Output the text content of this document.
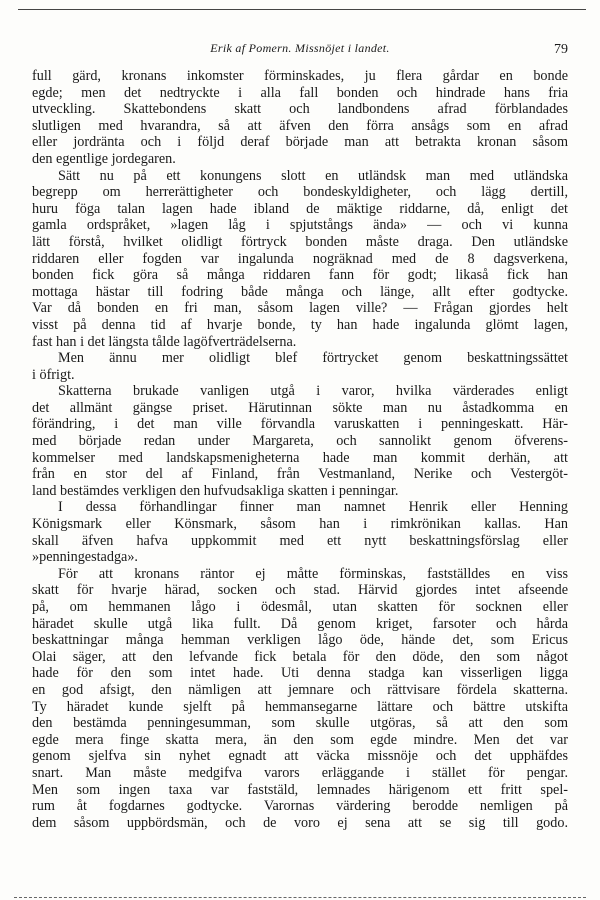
Erik af Pomern. Missnöjet i landet.	79
full gärd, kronans inkomster förminskades, ju flera gårdar en bonde
egde; men det nedtryckte i alla fall bonden och hindrade hans fria
utveckling. Skattebondens skatt och landbondens afrad förblandades
slutligen med hvarandra, så att äfven den förra ansågs som en afrad
eller jordränta och i följd deraf började man att betrakta kronan såsom
den egentlige jordegaren.
Sätt nu på ett konungens slott en utländsk man med utländska
begrepp om herrerättigheter och bondeskyldigheter, och lägg dertill,
huru föga talan lagen hade ibland de mäktige riddarne, då, enligt det
gamla ordspråket, »lagen låg i spjutstångs ända» — och vi kunna
lätt förstå, hvilket olidligt förtryck bonden måste draga. Den utländske
riddaren eller fogden var ingalunda nogräknad med de 8 dagsverkena,
bonden fick göra så många riddaren fann för godt; likaså fick han
mottaga hästar till fodring både många och länge, allt efter godtycke.
Var då bonden en fri man, såsom lagen ville? — Frågan gjordes helt
visst på denna tid af hvarje bonde, ty han hade ingalunda glömt lagen,
fast han i det längsta tålde lagöfverträdelserna.
Men ännu mer olidligt blef förtrycket genom beskattningssättet
i öfrigt.
Skatterna brukade vanligen utgå i varor, hvilka värderades enligt
det allmänt gängse priset. Härutinnan sökte man nu åstadkomma en
förändring, i det man ville förvandla varuskatten i penningeskatt. Här-
med började redan under Margareta, och sannolikt genom öfverens-
kommelser med landskapsmenigheterna hade man kommit derhän, att
från en stor del af Finland, från Vestmanland, Nerike och Vestergöt-
land bestämdes verkligen den hufvudsakliga skatten i penningar.
I dessa förhandlingar finner man namnet Henrik eller Henning
Königsmark eller Könsmark, såsom han i rimkrönikan kallas. Han
skall äfven hafva uppkommit med ett nytt beskattningsförslag eller
»penningestadga».
För att kronans räntor ej måtte förminskas, fastställdes en viss
skatt för hvarje härad, socken och stad. Härvid gjordes intet afseende
på, om hemmanen lågo i ödesmål, utan skatten för socknen eller
häradet skulle utgå lika fullt. Då genom kriget, farsoter och hårda
beskattningar många hemman verkligen lågo öde, hände det, som Ericus
Olai säger, att den lefvande fick betala för den döde, den som något
hade för den som intet hade. Uti denna stadga kan visserligen ligga
en god afsigt, den nämligen att jemnare och rättvisare fördela skatterna.
Ty häradet kunde sjelft på hemmansegarne lättare och bättre utskifta
den bestämda penningesumman, som skulle utgöras, så att den som
egde mera finge skatta mera, än den som egde mindre. Men det var
genom sjelfva sin nyhet egnadt att väcka missnöje och det upphäfdes
snart. Man måste medgifva varors erläggande i stället för pengar.
Men som ingen taxa var faststäld, lemnades härigenom ett fritt spel-
rum åt fogdarnes godtycke. Varornas värdering berodde nemligen på
dem såsom uppbördsmän, och de voro ej sena att se sig till godo.
